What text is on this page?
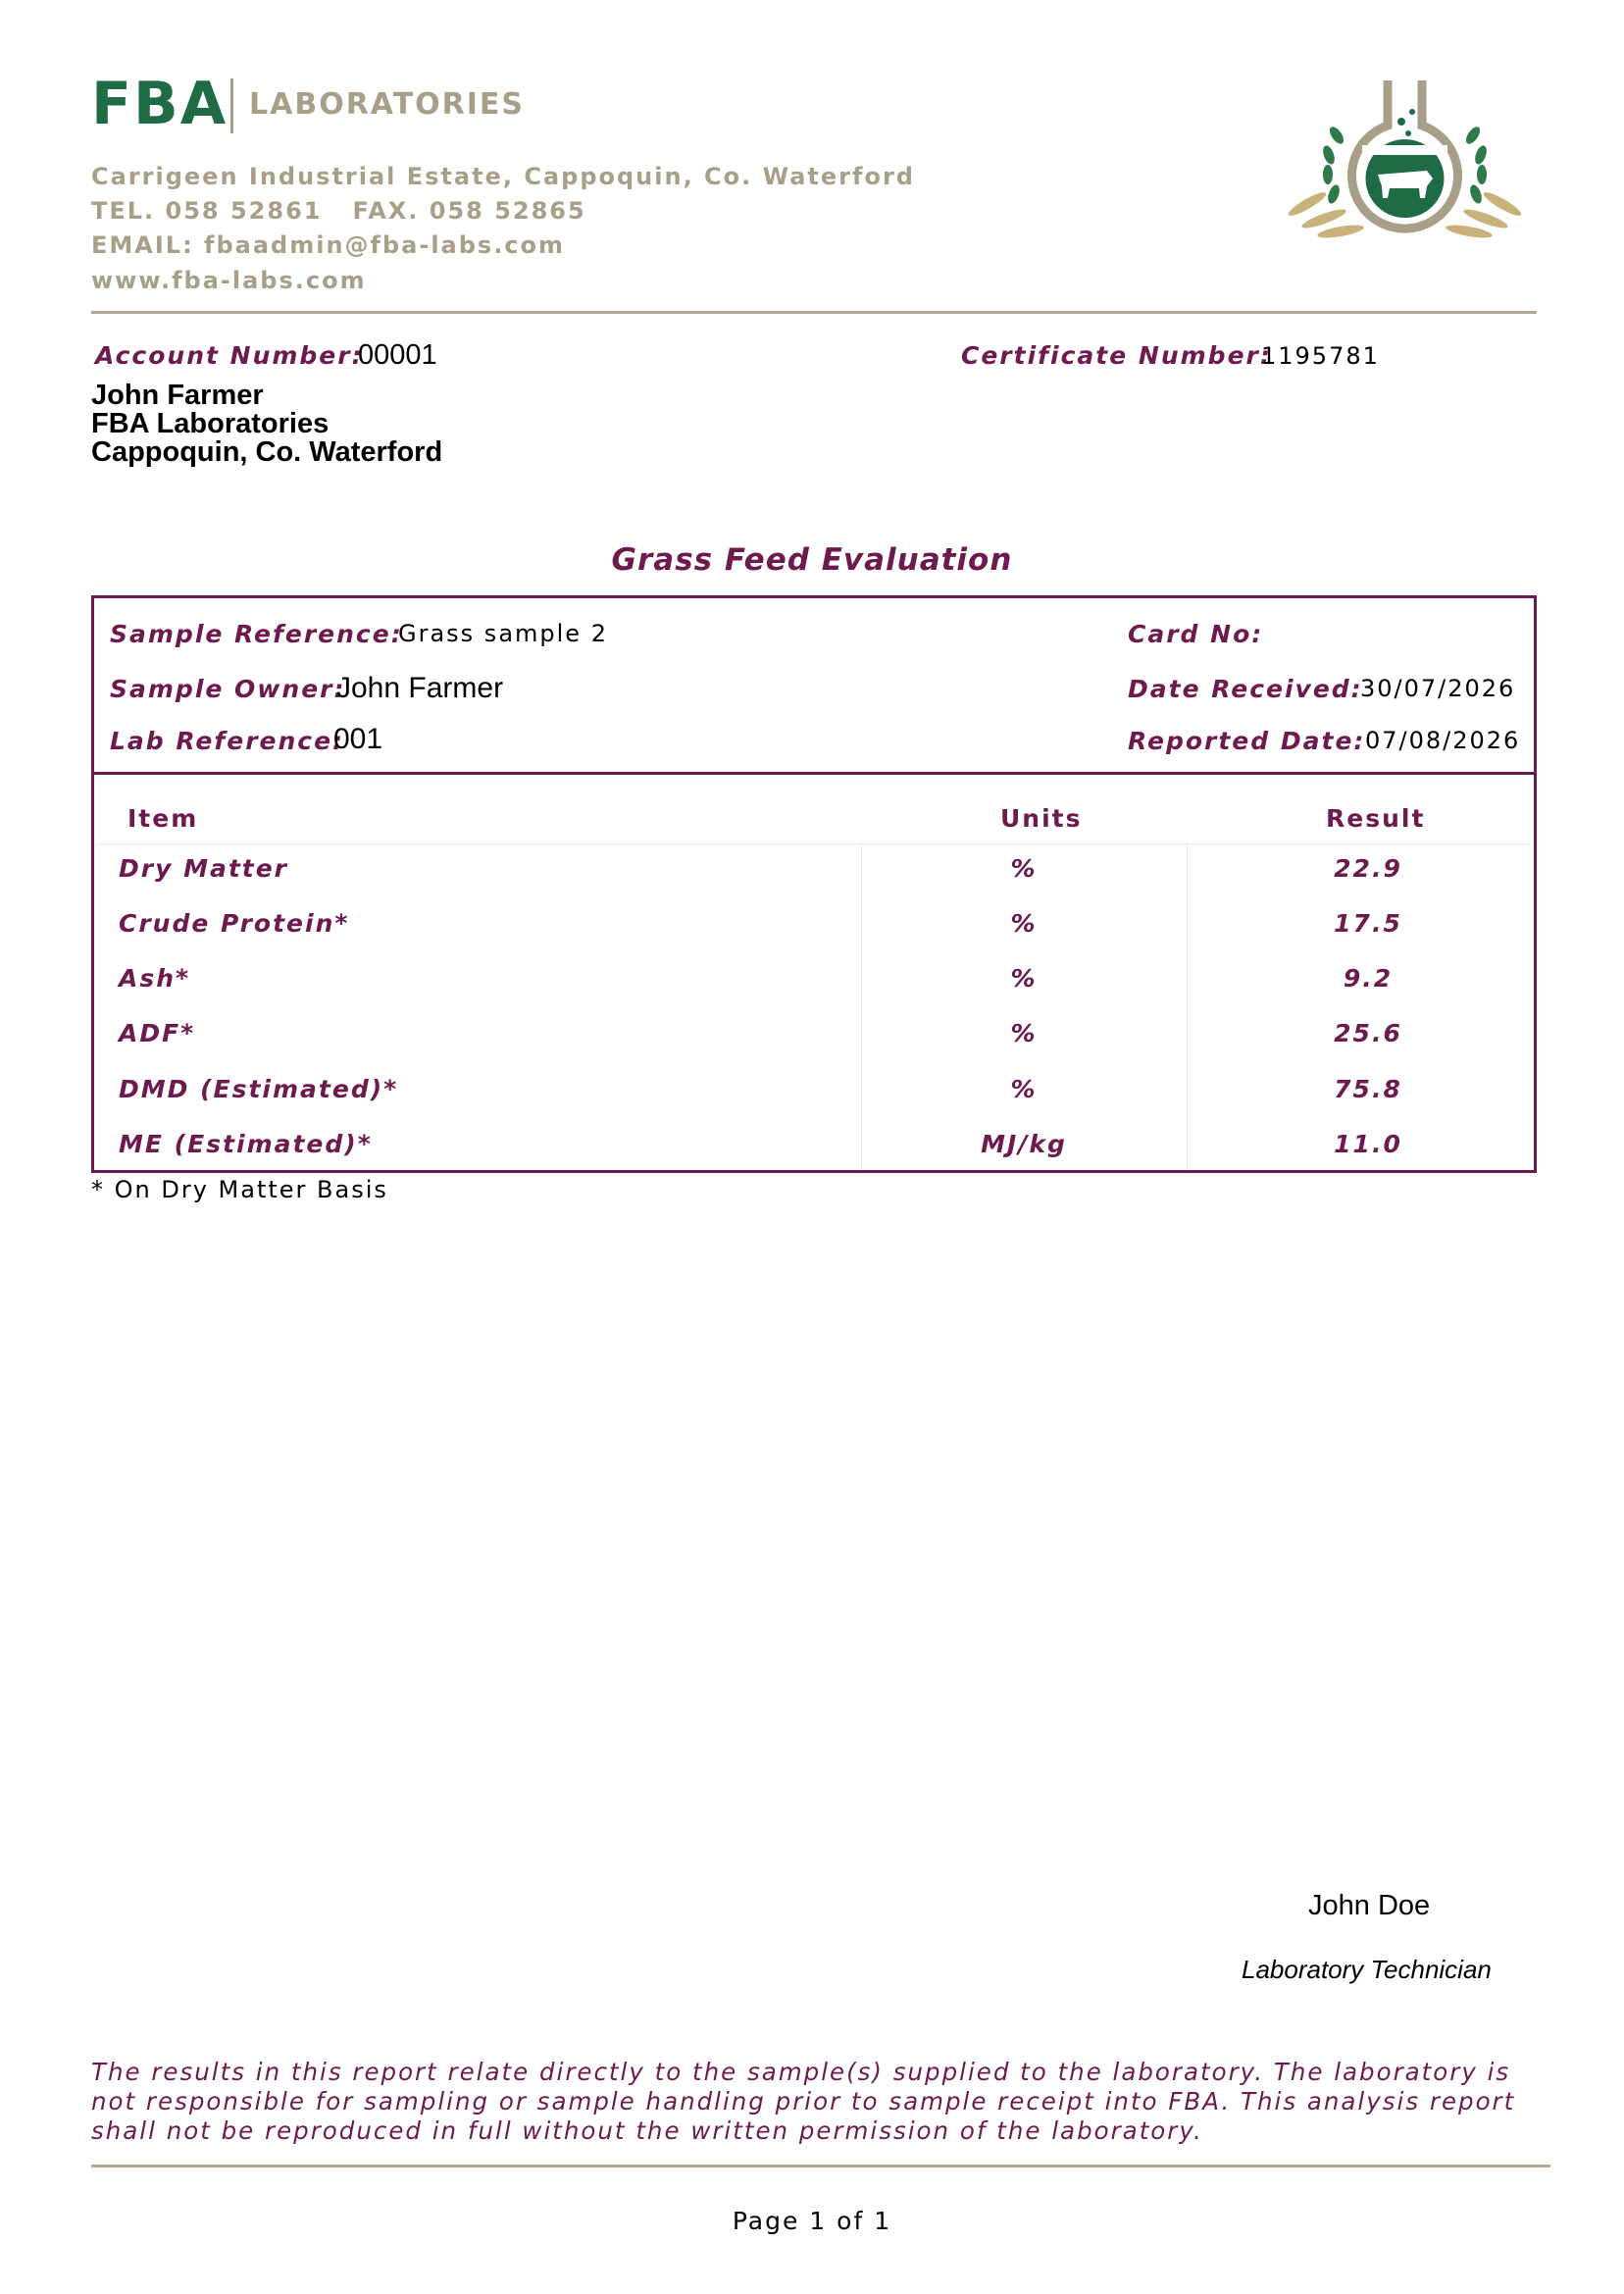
FBA LABORATORIES
Carrigeen Industrial Estate, Cappoquin, Co. Waterford
TEL. 058 52861   FAX. 058 52865
EMAIL: fbaadmin@fba-labs.com
www.fba-labs.com
Account Number:
00001	Certificate Number:
1195781
John Farmer
FBA Laboratories
Cappoquin, Co. Waterford
Grass Feed Evaluation
Sample Reference:
Grass sample 2
Sample Owner:
John Farmer
Lab Reference:
001
Card No:
Date Received:
30/07/2026
Reported Date: 07/08/2026
Item	Units	Result
Dry Matter	%	22.9
Crude Protein*	%	17.5
Ash*	%	9.2
ADF*	%	25.6
DMD (Estimated)*	%	75.8
ME (Estimated)*	MJ/kg	11.0
* On Dry Matter Basis
John Doe
Laboratory Technician
The results in this report relate directly to the sample(s) supplied to the laboratory. The laboratory is not responsible for sampling or sample handling prior to sample receipt into FBA. This analysis report shall not be reproduced in full without the written permission of the laboratory.
Page 1 of 1
